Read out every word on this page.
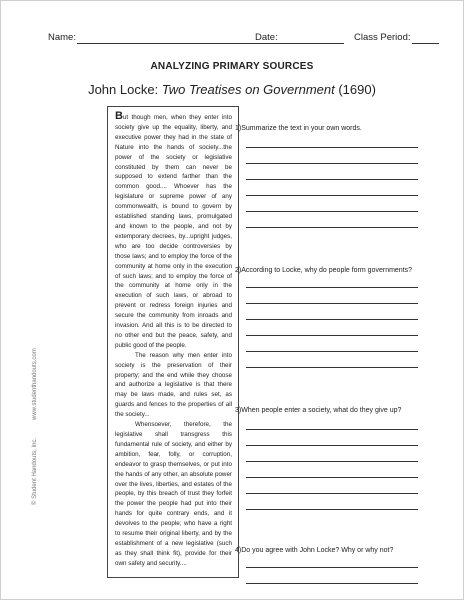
Name:	Date:	Class Period:
ANALYZING PRIMARY SOURCES
John Locke: Two Treatises on Government (1690)
www.studenthandouts.com
© Student Handouts, Inc.

But though men, when they enter into society give up the equality, liberty, and executive power they had in the state of Nature into the hands of society...the power of the society or legislative constituted by them can never be supposed to extend farther than the common good.... Whoever has the legislature or supreme power of any commonwealth, is bound to govern by established standing laws, promulgated and known to the people, and not by extemporary decrees, by...upright judges, who are too decide controversies by those laws; and to employ the force of the community at home only in the execution of such laws; and to employ the force of the community at home only in the execution of such laws, or abroad to prevent or redress foreign injuries and secure the community from inroads and invasion. And all this is to be directed to no other end but the peace, safety, and public good of the people.

The reason why men enter into society is the preservation of their property; and the end while they choose and authorize a legislative is that there may be laws made, and rules set, as guards and fences to the properties of all the society...

Whensoever, therefore, the legislative shall transgress this fundamental rule of society, and either by ambition, fear, folly, or corruption, endeavor to grasp themselves, or put into the hands of any other, an absolute power over the lives, liberties, and estates of the people, by this breach of trust they forfeit the power the people had put into their hands for quite contrary ends, and it devolves to the people; who have a right to resume their original liberty, and by the establishment of a new legislative (such as they shall think fit), provide for their own safety and security....

1)Summarize the text in your own words.
2)According to Locke, why do people form governments?
3)When people enter a society, what do they give up?
4)Do you agree with John Locke? Why or why not?
